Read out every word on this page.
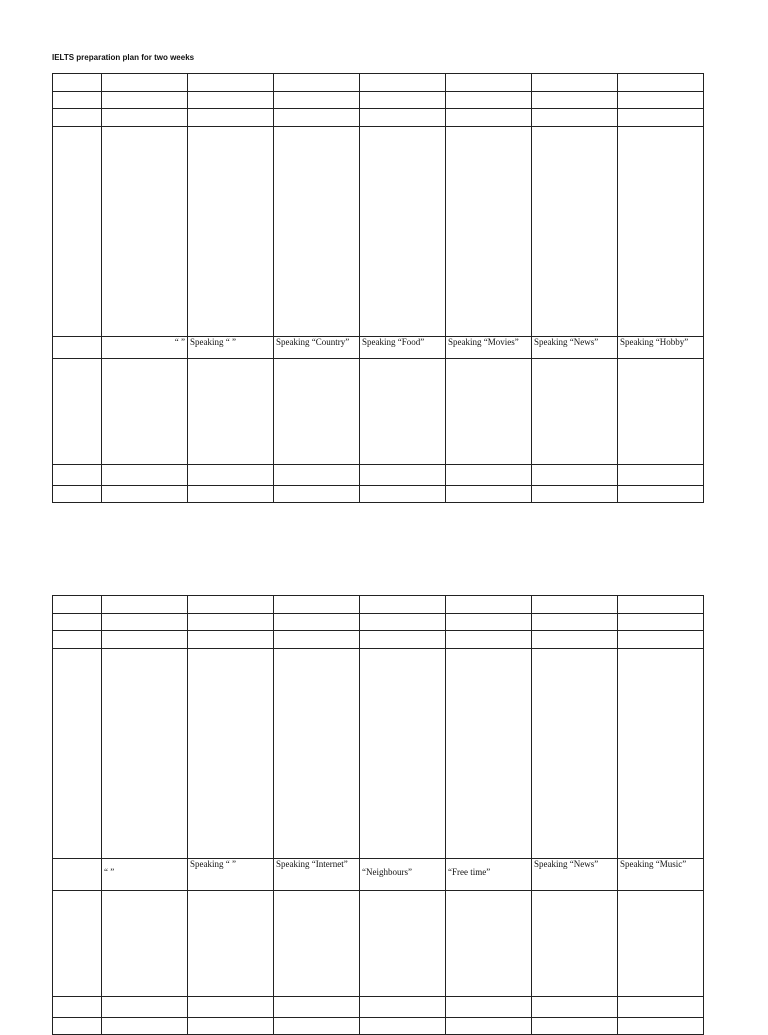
IELTS preparation plan for two weeks

	“ ”	Speaking “ ”	Speaking “Country”	Speaking “Food”	Speaking “Movies”	Speaking “News”	Speaking “Hobby”

	“ ”	Speaking “ ”	Speaking “Internet”	“Neighbours”	“Free time”	Speaking “News”	Speaking “Music”
